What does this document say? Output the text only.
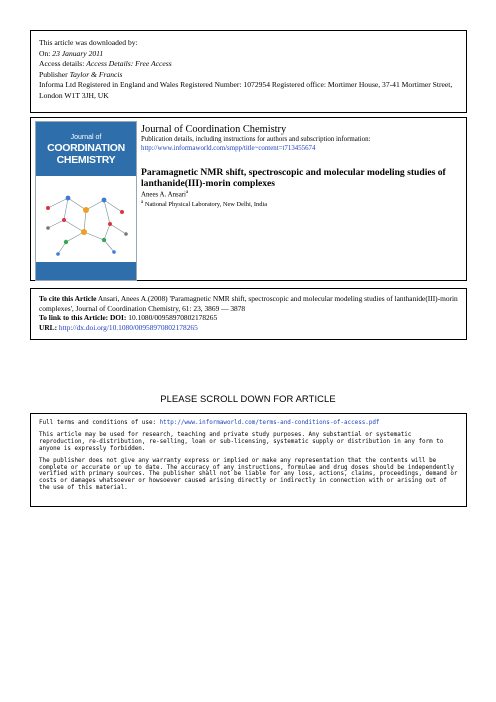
This article was downloaded by:
On: 23 January 2011
Access details: Access Details: Free Access
Publisher Taylor & Francis
Informa Ltd Registered in England and Wales Registered Number: 1072954 Registered office: Mortimer House, 37-41 Mortimer Street, London W1T 3JH, UK
Journal of
COORDINATION
CHEMISTRY
Journal of Coordination Chemistry
Publication details, including instructions for authors and subscription information:
http://www.informaworld.com/smpp/title~content=t713455674
Paramagnetic NMR shift, spectroscopic and molecular modeling studies of lanthanide(III)-morin complexes
Anees A. Ansari$^a$
$^a$ National Physical Laboratory, New Delhi, India
To cite this Article Ansari, Anees A.(2008) 'Paramagnetic NMR shift, spectroscopic and molecular modeling studies of lanthanide(III)-morin complexes', Journal of Coordination Chemistry, 61: 23, 3869 — 3878
To link to this Article: DOI: 10.1080/00958970802178265
URL: http://dx.doi.org/10.1080/00958970802178265
PLEASE SCROLL DOWN FOR ARTICLE
Full terms and conditions of use: http://www.informaworld.com/terms-and-conditions-of-access.pdf
This article may be used for research, teaching and private study purposes. Any substantial or systematic reproduction, re-distribution, re-selling, loan or sub-licensing, systematic supply or distribution in any form to anyone is expressly forbidden.
The publisher does not give any warranty express or implied or make any representation that the contents will be complete or accurate or up to date. The accuracy of any instructions, formulae and drug doses should be independently verified with primary sources. The publisher shall not be liable for any loss, actions, claims, proceedings, demand or costs or damages whatsoever or howsoever caused arising directly or indirectly in connection with or arising out of the use of this material.
